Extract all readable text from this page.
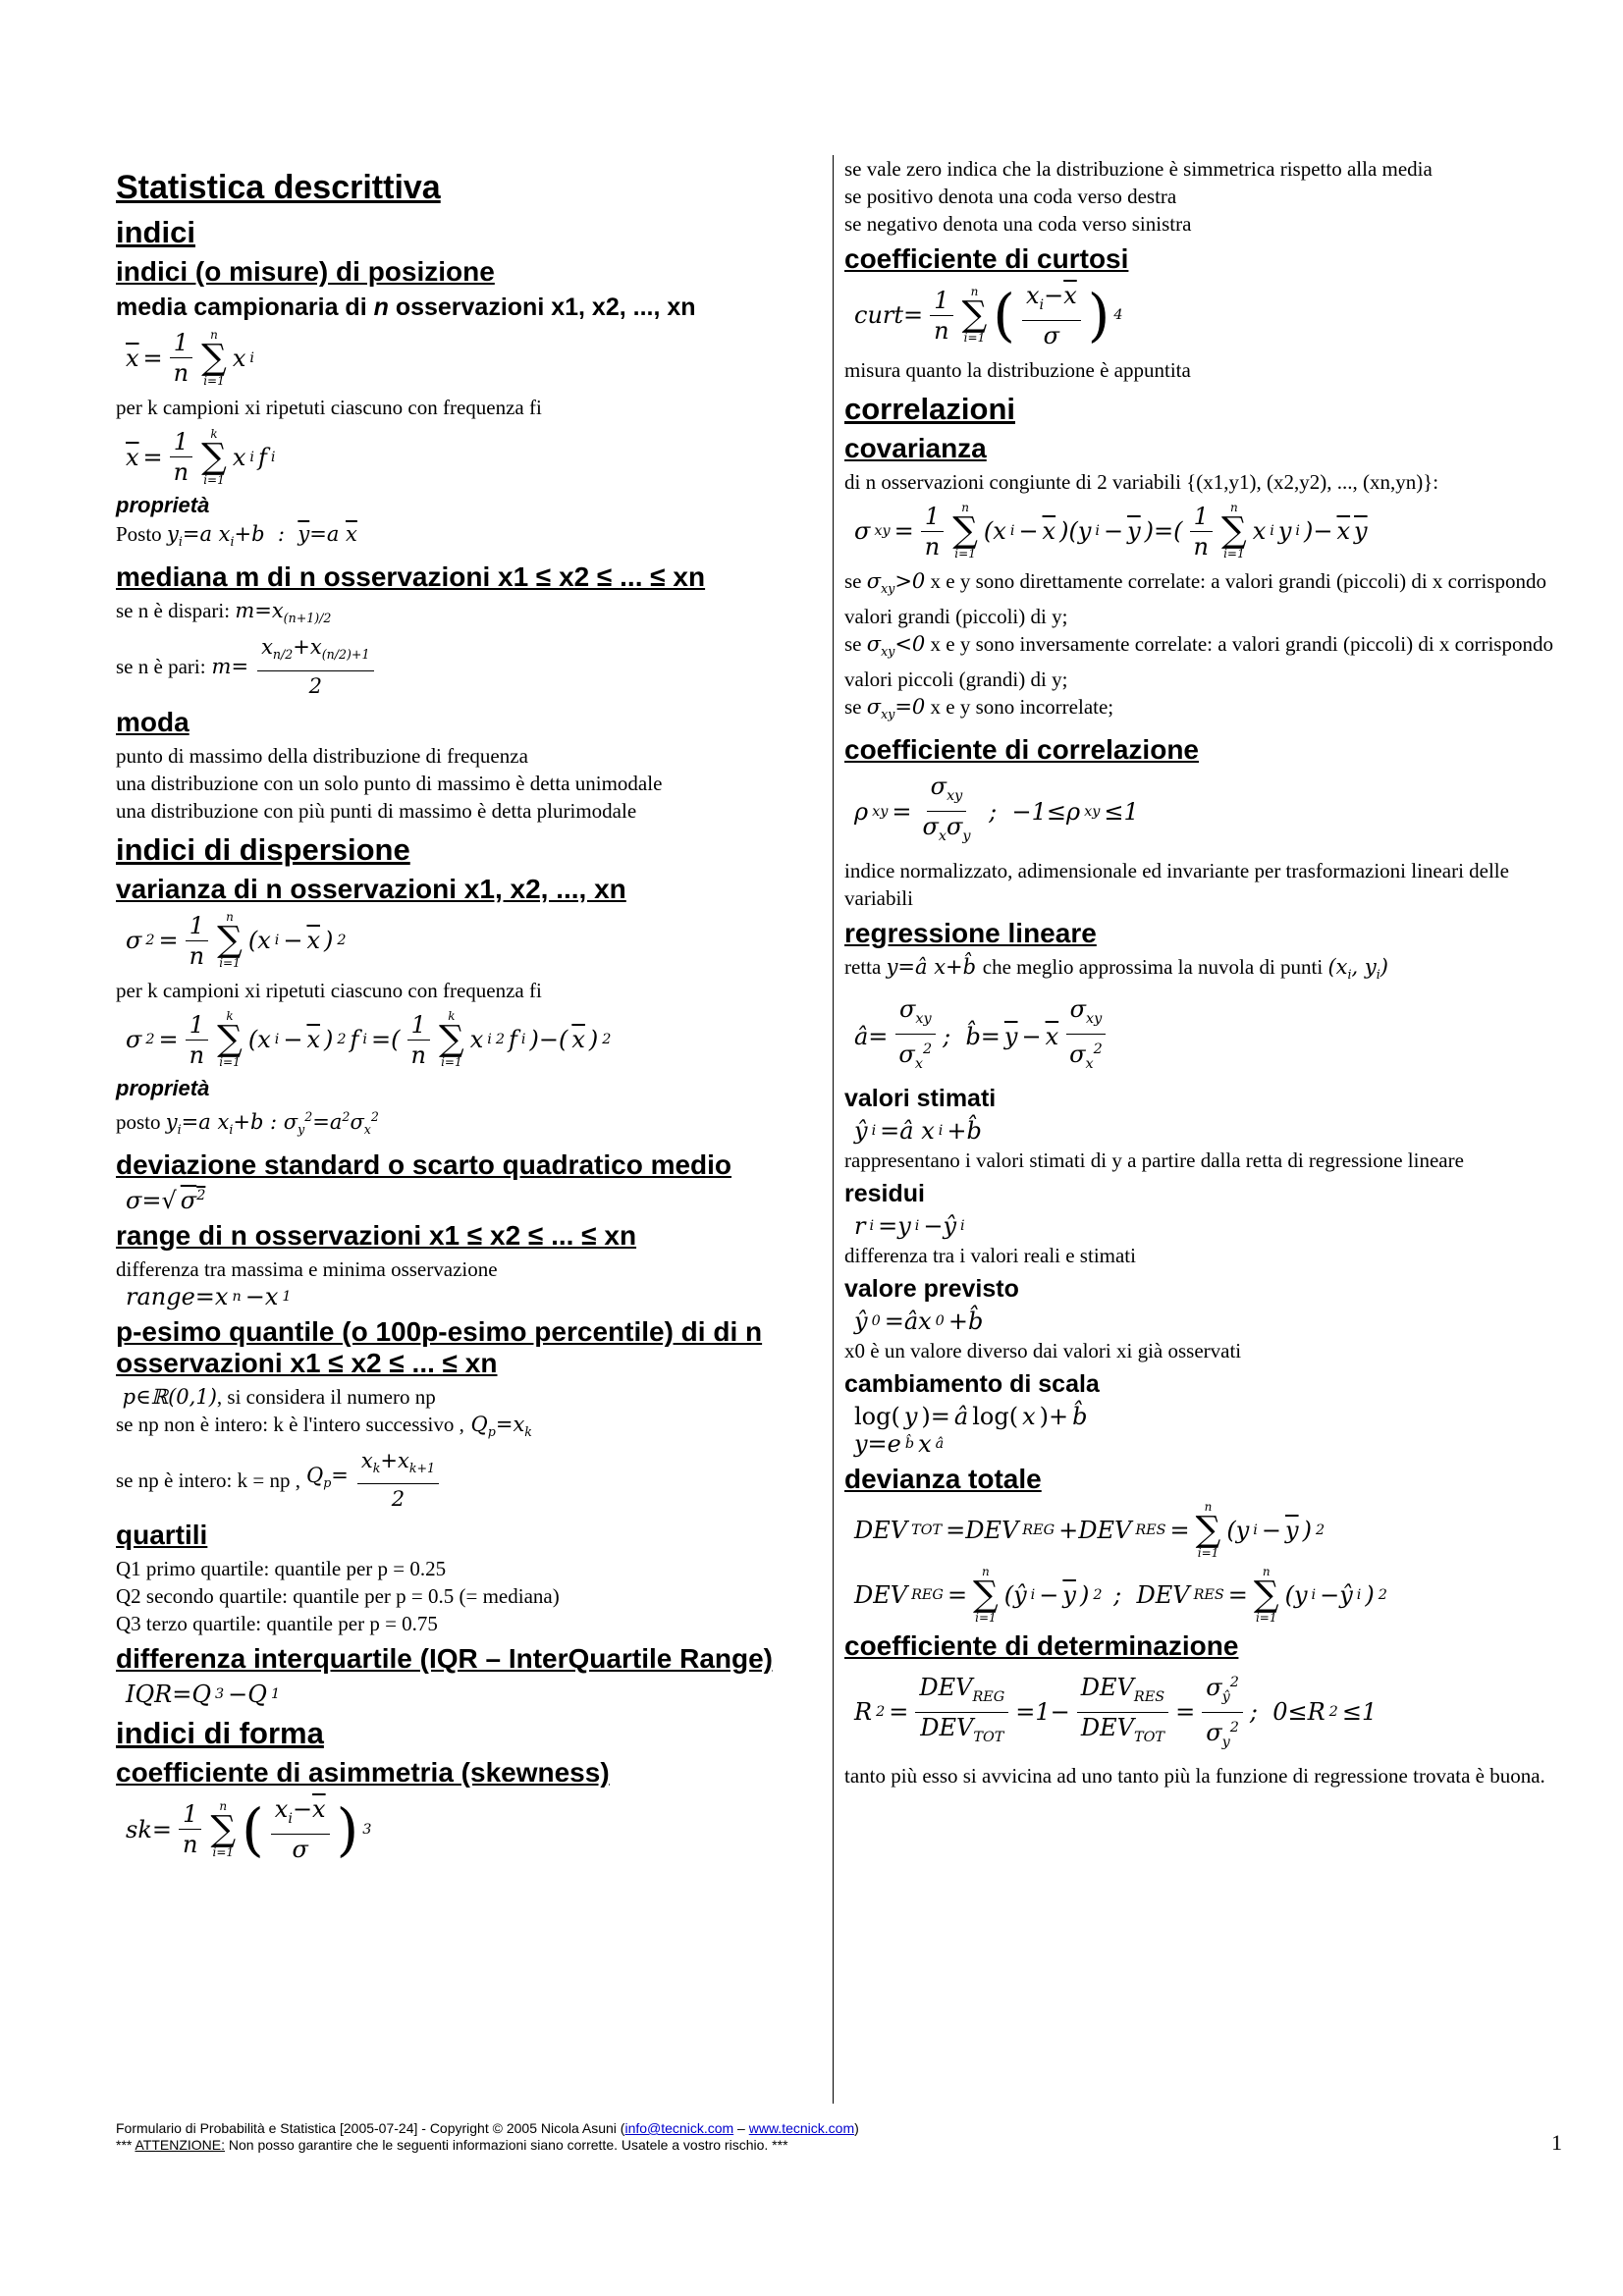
Statistica descrittiva
indici
indici (o misure) di posizione
media campionaria di n osservazioni x1, x2, ..., xn
$\overline{x}$ =
1
n
n
∑
i=1
x i

per k campioni xi ripetuti ciascuno con frequenza fi

$\overline{x}$ =
1
n
k
∑
i=1
x i f i
proprietà

Posto $y_i=a$ $x_i+b$  :  $\overline{y}=a$ $\overline{x}$

mediana m di n osservazioni x1 ≤ x2 ≤ ... ≤ xn

se n è dispari: $m=x_{(n+1)/2}$

se n è pari: $m= \frac{x_{n/2}+x_{(n/2)+1}}{2}$
moda

punto di massimo della distribuzione di frequenza

una distribuzione con un solo punto di massimo è detta unimodale

una distribuzione con più punti di massimo è detta plurimodale

indici di dispersione
varianza di n osservazioni x1, x2, ..., xn
σ 2 =
1
n
n
∑
i=1
(x $i - \overline{x}$ ) 2

per k campioni xi ripetuti ciascuno con frequenza fi

σ 2 =
1
n
k
∑
i=1
(x $i - \overline{x}$ ) 2 f i =(
1
n
k
∑
i=1
x i 2 f i )−( $\overline{x}$ ) 2
proprietà

posto $y_i=a$ $x_i+b$ : $\sigma_y^2=a^2\sigma_x^2$

deviazione standard o scarto quadratico medio
σ=√ $\sigma^2$
range di n osservazioni x1 ≤ x2 ≤ ... ≤ xn

differenza tra massima e minima osservazione

range=x n −x 1
p-esimo quantile (o 100p-esimo percentile) di di n osservazioni x1 ≤ x2 ≤ ... ≤ xn

p∈ℝ(0,1), si considera il numero np

se np non è intero: k è l'intero successivo , $Q_p=x_k$

se np è intero: k = np , $Q_p= \frac{x_k+x_{k+1}}{2}$
quartili

Q1 primo quartile: quantile per p = 0.25

Q2 secondo quartile: quantile per p = 0.5 (= mediana)

Q3 terzo quartile: quantile per p = 0.75

differenza interquartile (IQR – InterQuartile Range)
IQR=Q 3 −Q 1
indici di forma
coefficiente di asimmetria (skewness)
sk=
1
n
n
∑
i=1 ( $x_i-\overline{x}$
σ ) 3

se vale zero indica che la distribuzione è simmetrica rispetto alla media

se positivo denota una coda verso destra

se negativo denota una coda verso sinistra

coefficiente di curtosi
curt=
1
n
n
∑
i=1 ( $x_i-\overline{x}$
σ ) 4

misura quanto la distribuzione è appuntita

correlazioni
covarianza

di n osservazioni congiunte di 2 variabili {(x1,y1), (x2,y2), ..., (xn,yn)}:

σ xy =
1
n
n
∑
i=1
(x $i - \overline{x}$ )(y $i - \overline{y}$ )=(
1
n
n
∑
i=1
x i y i )− $\overline{x}$ $\overline{y}$

se $\sigma_{xy}>0$ x e y sono direttamente correlate: a valori grandi (piccoli) di x corrispondo valori grandi (piccoli) di y;

se $\sigma_{xy}<0$ x e y sono inversamente correlate: a valori grandi (piccoli) di x corrispondo valori piccoli (grandi) di y;

se $\sigma_{xy}=0$ x e y sono incorrelate;

coefficiente di correlazione
ρ xy =
$\sigma_{xy}$
$\sigma_x\sigma_y$
;  −1≤ρ xy ≤1

indice normalizzato, adimensionale ed invariante per trasformazioni lineari delle variabili

regressione lineare

retta y=â x+b̂ che meglio approssima la nuvola di punti ($x_i$, $y_i$)

â=
$\sigma_{xy}$
$\sigma_x^2$ ;  b̂= $\overline{y} - \overline{x}$
$\sigma_{xy}$
$\sigma_x^2$
valori stimati
ŷ i =â x i +b̂

rappresentano i valori stimati di y a partire dalla retta di regressione lineare

residui
r i =y i −ŷ i

differenza tra i valori reali e stimati

valore previsto
ŷ 0 =âx 0 +b̂

x0 è un valore diverso dai valori xi già osservati

cambiamento di scala
log( y )= â log( x )+ b̂
y=e b̂ x â
devianza totale
DEV TOT =DEV REG +DEV RES =
n
∑
i=1
(y $i - \overline{y}$ ) 2
DEV REG =
n
∑
i=1
(ŷ $i - \overline{y}$ ) 2 ;  DEV RES =
n
∑
i=1
(y i −ŷ i ) 2
coefficiente di determinazione
R 2 =
$DEV_{REG}$
$DEV_{TOT}$
=1−
$DEV_{RES}$
$DEV_{TOT}$
=
$\sigma_ŷ^2$
$\sigma_y^2$
;  0≤R 2 ≤1

tanto più esso si avvicina ad uno tanto più la funzione di regressione trovata è buona.

Formulario di Probabilità e Statistica [2005-07-24] - Copyright © 2005 Nicola Asuni (info@tecnick.com – www.tecnick.com)
*** ATTENZIONE: Non posso garantire che le seguenti informazioni siano corrette. Usatele a vostro rischio. ***	1
